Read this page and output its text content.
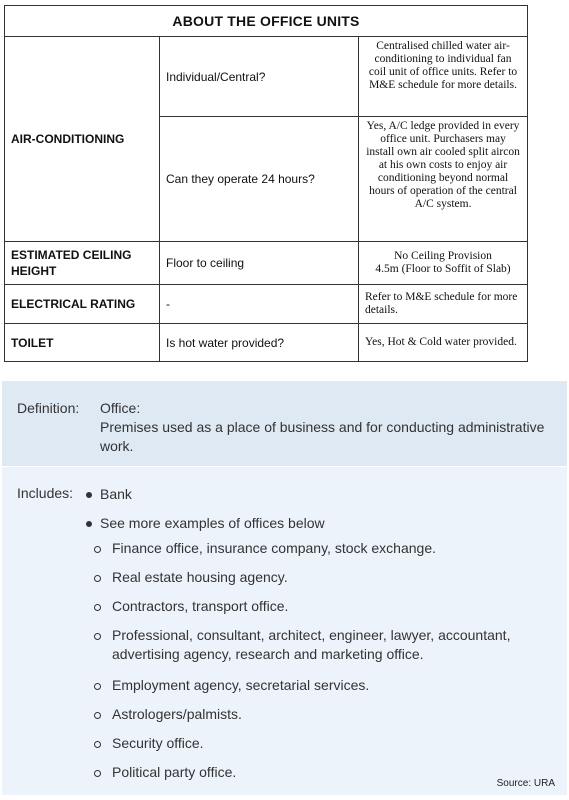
ABOUT THE OFFICE UNITS		
AIR-CONDITIONING	Individual/Central?	Centralised chilled water air-conditioning to individual fan coil unit of office units. Refer to M&E schedule for more details.
	Can they operate 24 hours?	Yes, A/C ledge provided in every office unit. Purchasers may install own air cooled split aircon at his own costs to enjoy air conditioning beyond normal hours of operation of the central A/C system.
ESTIMATED CEILING HEIGHT	Floor to ceiling	No Ceiling Provision
4.5m (Floor to Soffit of Slab)
ELECTRICAL RATING	-	Refer to M&E schedule for more details.
TOILET	Is hot water provided?	Yes, Hot & Cold water provided.
Definition:	Office:
Premises used as a place of business and for conducting administrative work.
Includes:	Bank
See more examples of offices below
Finance office, insurance company, stock exchange.
Real estate housing agency.
Contractors, transport office.
Professional, consultant, architect, engineer, lawyer, accountant, advertising agency, research and marketing office.
Employment agency, secretarial services.
Astrologers/palmists.
Security office.
Political party office.
Source: URA
